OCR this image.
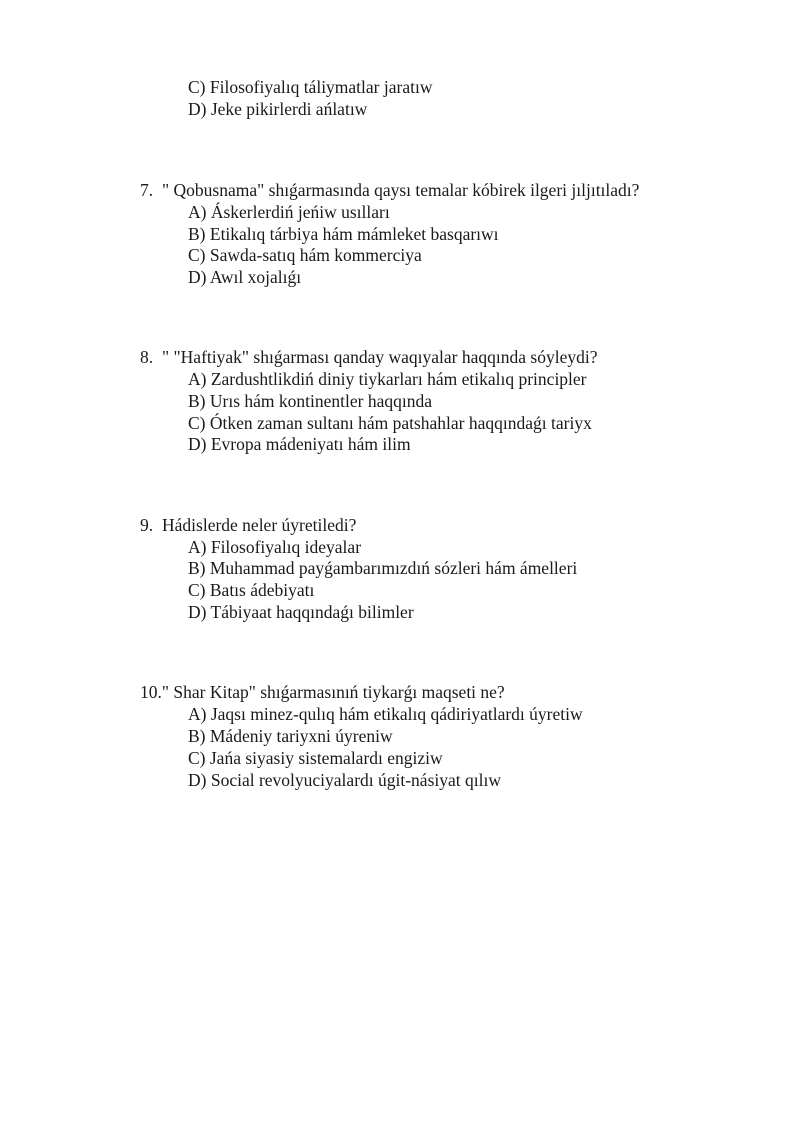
C) Filosofiyalıq táliymatlar jaratıw
D) Jeke pikirlerdi ańlatıw
7. " Qobusnama" shıǵarmasında qaysı temalar kóbirek ilgeri jıljıtıladı?
A) Áskerlerdiń jeńiw usılları
B) Etikalıq tárbiya hám mámleket basqarıwı
C) Sawda-satıq hám kommerciya
D) Awıl xojalıǵı
8. " "Haftiyak" shıǵarması qanday waqıyalar haqqında sóyleydi?
A) Zardushtlikdiń diniy tiykarları hám etikalıq principler
B) Urıs hám kontinentler haqqında
C) Ótken zaman sultanı hám patshahlar haqqındaǵı tariyx
D) Evropa mádeniyatı hám ilim
9. Hádislerde neler úyretiledi?
A) Filosofiyalıq ideyalar
B) Muhammad payǵambarımızdıń sózleri hám ámelleri
C) Batıs ádebiyatı
D) Tábiyaat haqqındaǵı bilimler
10." Shar Kitap" shıǵarmasınıń tiykarǵı maqseti ne?
A) Jaqsı minez-qulıq hám etikalıq qádiriyatlardı úyretiw
B) Mádeniy tariyxni úyreniw
C) Jańa siyasiy sistemalardı engiziw
D) Social revolyuciyalardı úgit-násiyat qılıw
